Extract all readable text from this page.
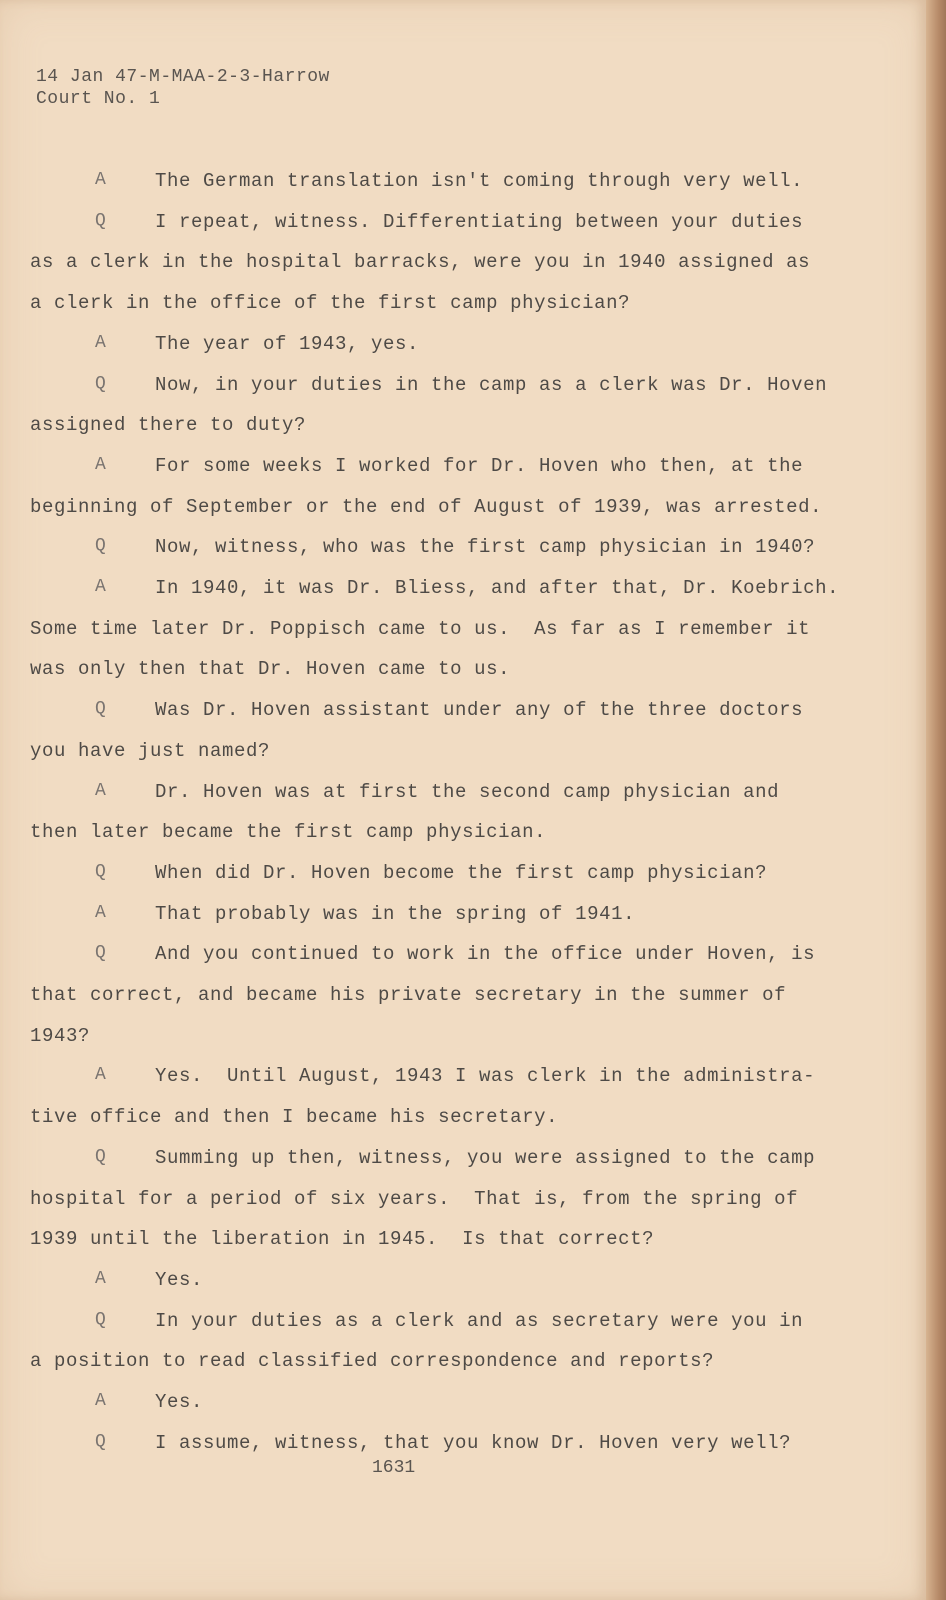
14 Jan 47-M-MAA-2-3-Harrow
Court No. 1
A	The German translation isn't coming through very well.
Q	I repeat, witness. Differentiating between your duties
as a clerk in the hospital barracks, were you in 1940 assigned as
a clerk in the office of the first camp physician?
A	The year of 1943, yes.
Q	Now, in your duties in the camp as a clerk was Dr. Hoven
assigned there to duty?
A	For some weeks I worked for Dr. Hoven who then, at the
beginning of September or the end of August of 1939, was arrested.
Q	Now, witness, who was the first camp physician in 1940?
A	In 1940, it was Dr. Bliess, and after that, Dr. Koebrich.
Some time later Dr. Poppisch came to us.  As far as I remember it
was only then that Dr. Hoven came to us.
Q	Was Dr. Hoven assistant under any of the three doctors
you have just named?
A	Dr. Hoven was at first the second camp physician and
then later became the first camp physician.
Q	When did Dr. Hoven become the first camp physician?
A	That probably was in the spring of 1941.
Q	And you continued to work in the office under Hoven, is
that correct, and became his private secretary in the summer of
1943?
A	Yes.  Until August, 1943 I was clerk in the administra-
tive office and then I became his secretary.
Q	Summing up then, witness, you were assigned to the camp
hospital for a period of six years.  That is, from the spring of
1939 until the liberation in 1945.  Is that correct?
A	Yes.
Q	In your duties as a clerk and as secretary were you in
a position to read classified correspondence and reports?
A	Yes.
Q	I assume, witness, that you know Dr. Hoven very well?
1631
